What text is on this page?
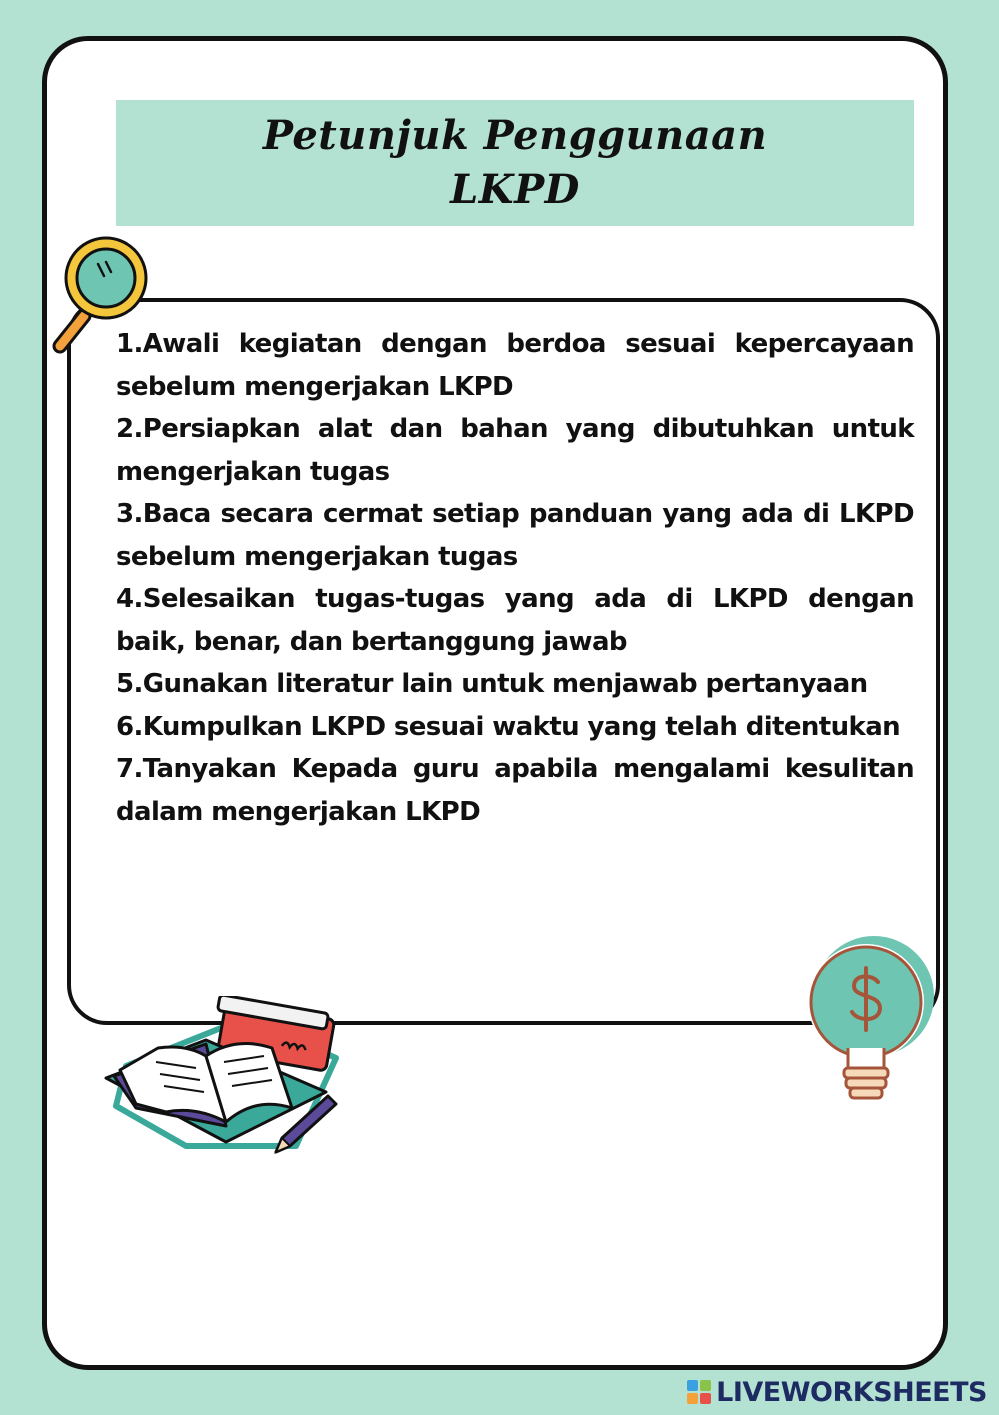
Petunjuk Penggunaan
LKPD
1.Awali kegiatan dengan berdoa sesuai kepercayaan sebelum mengerjakan LKPD
2.Persiapkan alat dan bahan yang dibutuhkan untuk mengerjakan tugas
3.Baca secara cermat setiap panduan yang ada di LKPD sebelum mengerjakan tugas
4.Selesaikan tugas-tugas yang ada di LKPD dengan baik, benar, dan bertanggung jawab
5.Gunakan literatur lain untuk menjawab pertanyaan
6.Kumpulkan LKPD sesuai waktu yang telah ditentukan
7.Tanyakan Kepada guru apabila mengalami kesulitan dalam mengerjakan LKPD
LIVEWORKSHEETS
